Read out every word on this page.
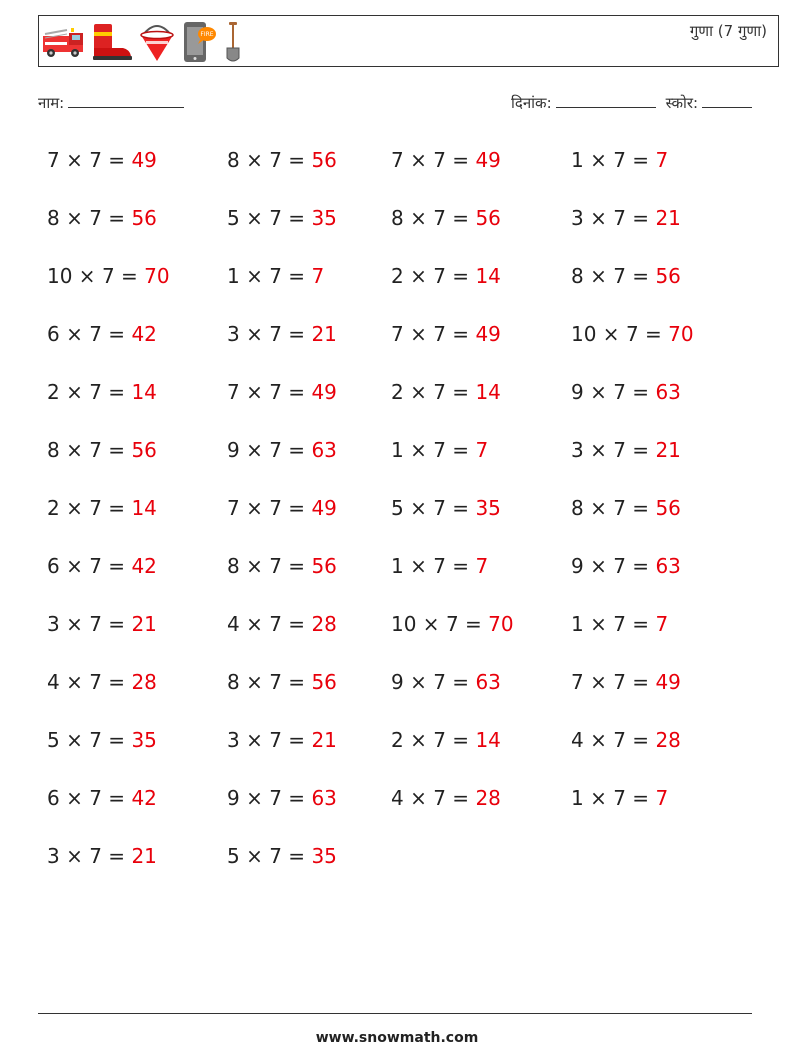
FIRE	गुणा (7 गुणा)
नाम:	दिनांक:	स्कोर:
7 × 7 = 49	8 × 7 = 56	7 × 7 = 49	1 × 7 = 7
8 × 7 = 56	5 × 7 = 35	8 × 7 = 56	3 × 7 = 21
10 × 7 = 70	1 × 7 = 7	2 × 7 = 14	8 × 7 = 56
6 × 7 = 42	3 × 7 = 21	7 × 7 = 49	10 × 7 = 70
2 × 7 = 14	7 × 7 = 49	2 × 7 = 14	9 × 7 = 63
8 × 7 = 56	9 × 7 = 63	1 × 7 = 7	3 × 7 = 21
2 × 7 = 14	7 × 7 = 49	5 × 7 = 35	8 × 7 = 56
6 × 7 = 42	8 × 7 = 56	1 × 7 = 7	9 × 7 = 63
3 × 7 = 21	4 × 7 = 28	10 × 7 = 70	1 × 7 = 7
4 × 7 = 28	8 × 7 = 56	9 × 7 = 63	7 × 7 = 49
5 × 7 = 35	3 × 7 = 21	2 × 7 = 14	4 × 7 = 28
6 × 7 = 42	9 × 7 = 63	4 × 7 = 28	1 × 7 = 7
3 × 7 = 21	5 × 7 = 35
www.snowmath.com
